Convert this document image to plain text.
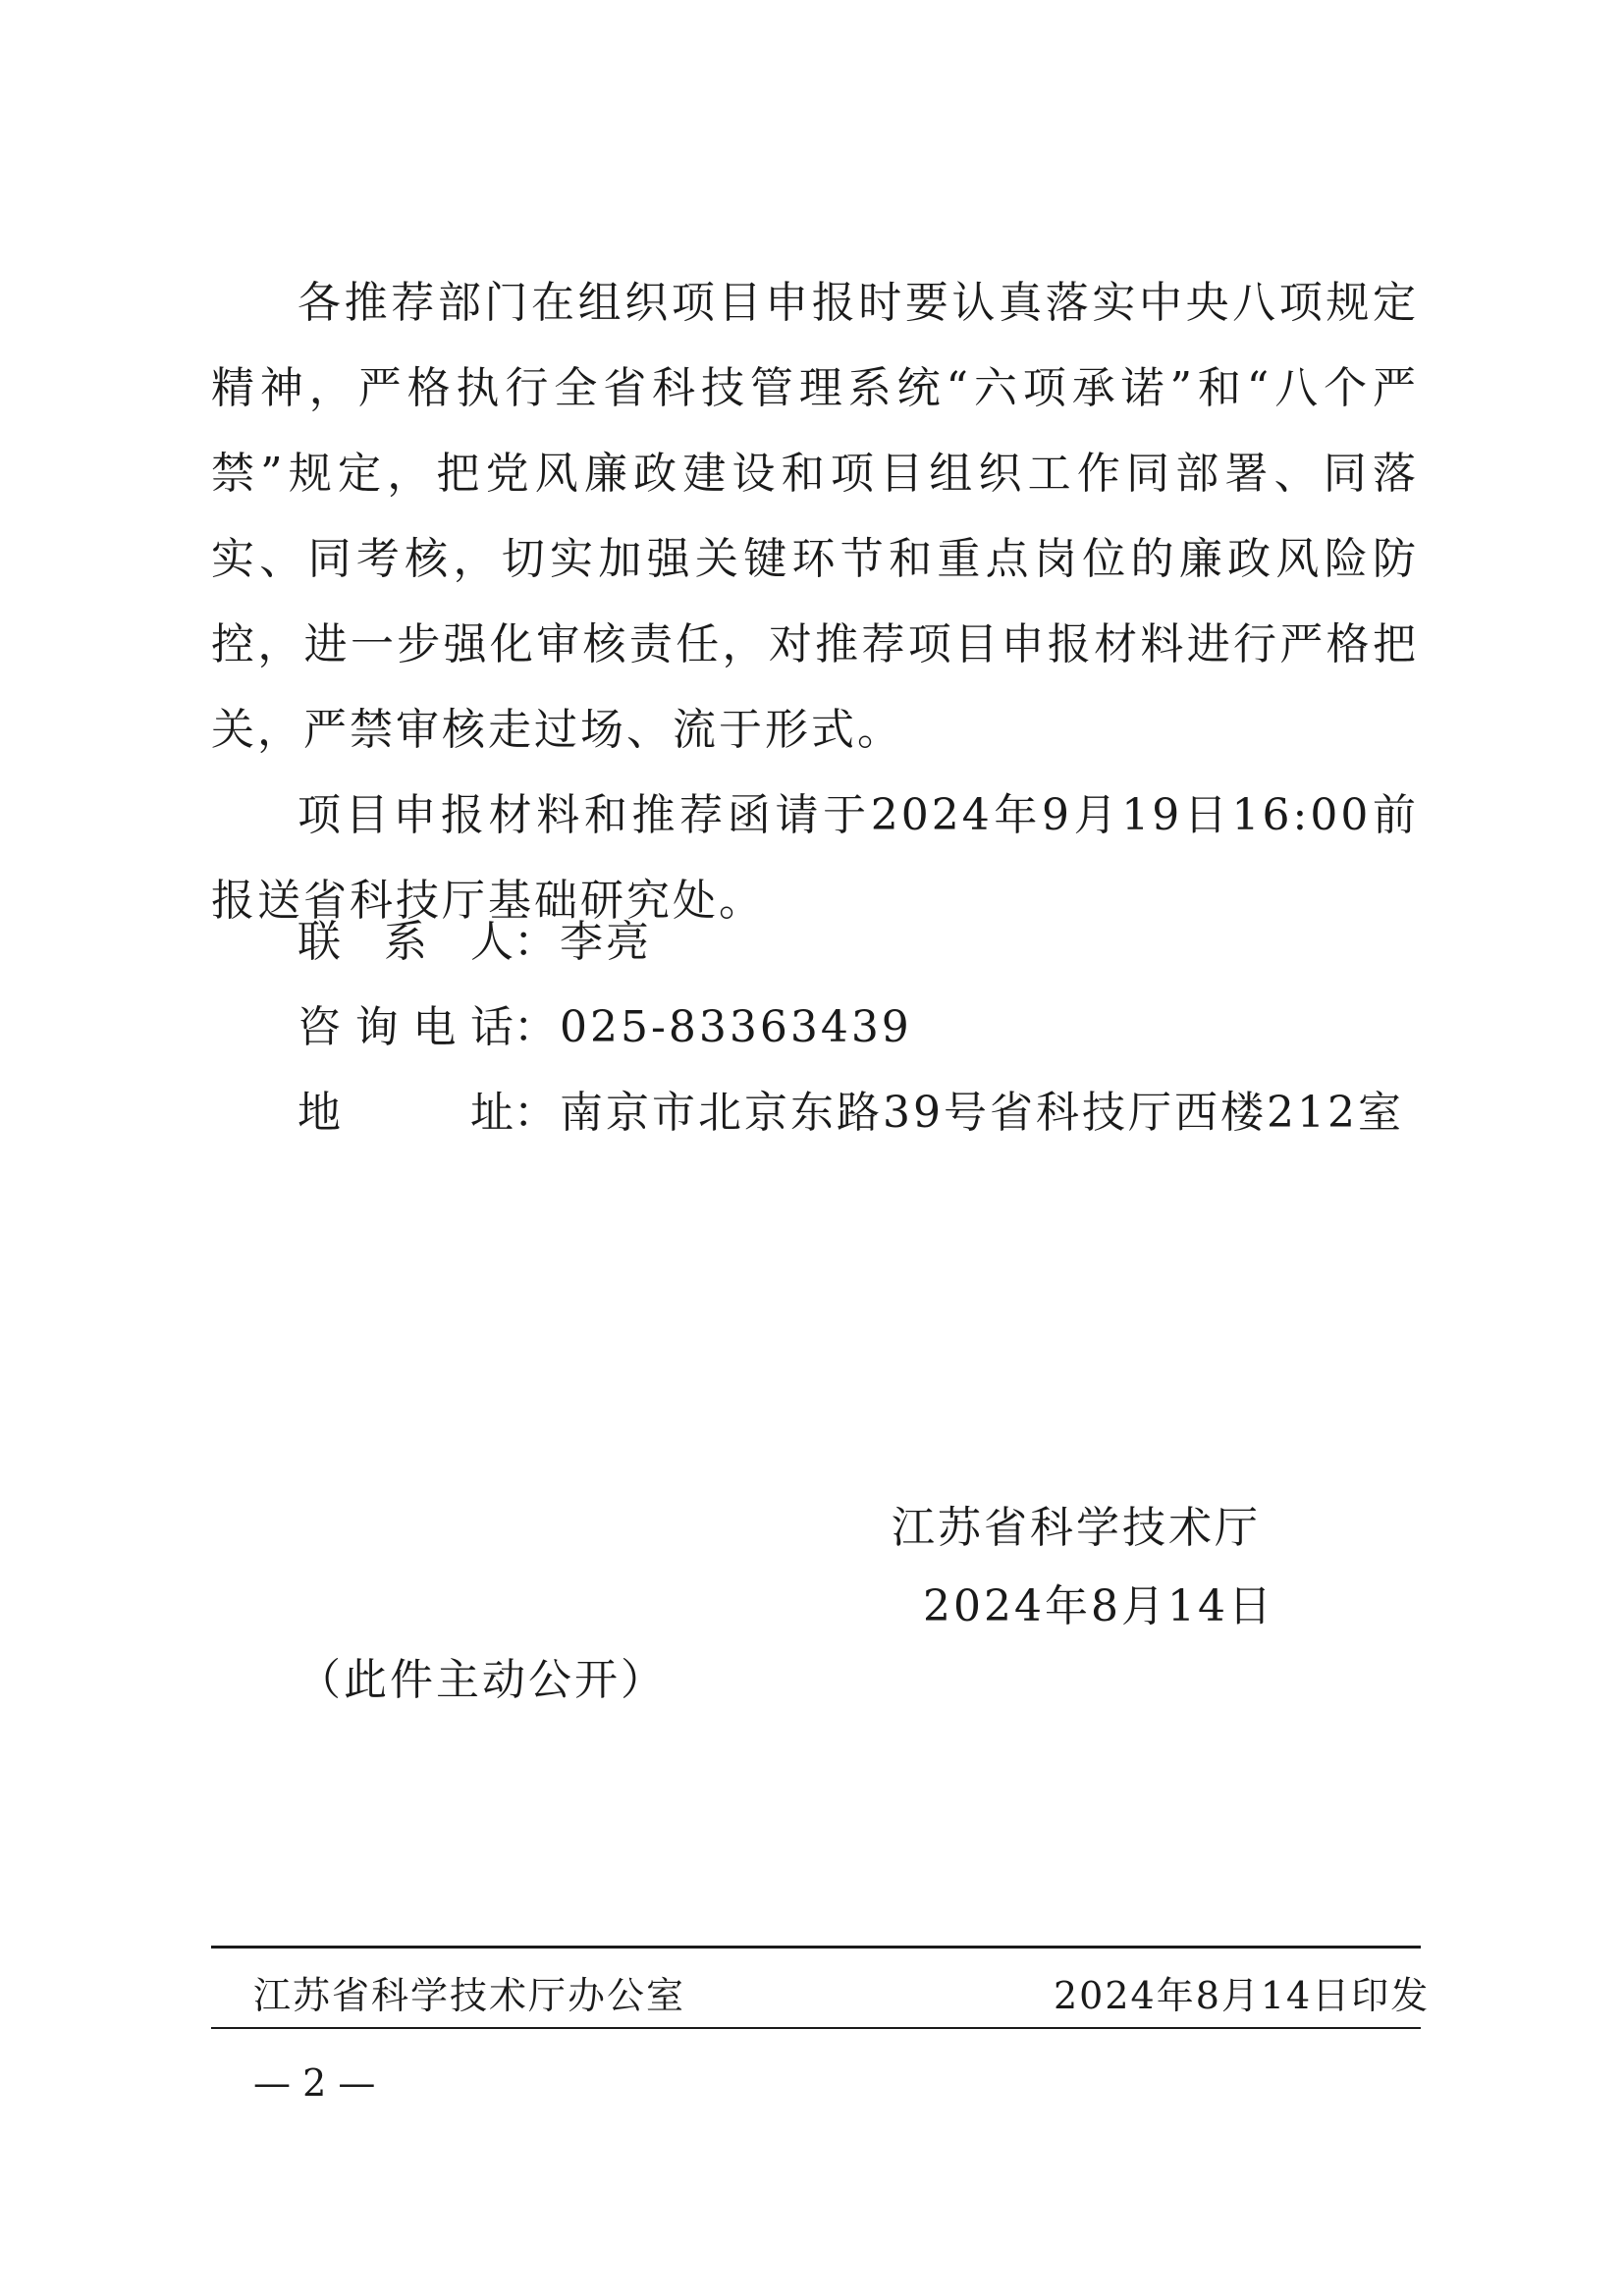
各推荐部门在组织项目申报时要认真落实中央八项规定精神，严格执行全省科技管理系统“六项承诺”和“八个严禁”规定，把党风廉政建设和项目组织工作同部署、同落实、同考核，切实加强关键环节和重点岗位的廉政风险防控，进一步强化审核责任，对推荐项目申报材料进行严格把关，严禁审核走过场、流于形式。

项目申报材料和推荐函请于2024年9月19日16:00前报送省科技厅基础研究处。

联系人：李亮
咨询电话：025-83363439
地址：南京市北京东路39号省科技厅西楼212室
江苏省科学技术厅
2024年8月14日
（此件主动公开）
江苏省科学技术厅办公室	2024年8月14日印发
— 2 —
